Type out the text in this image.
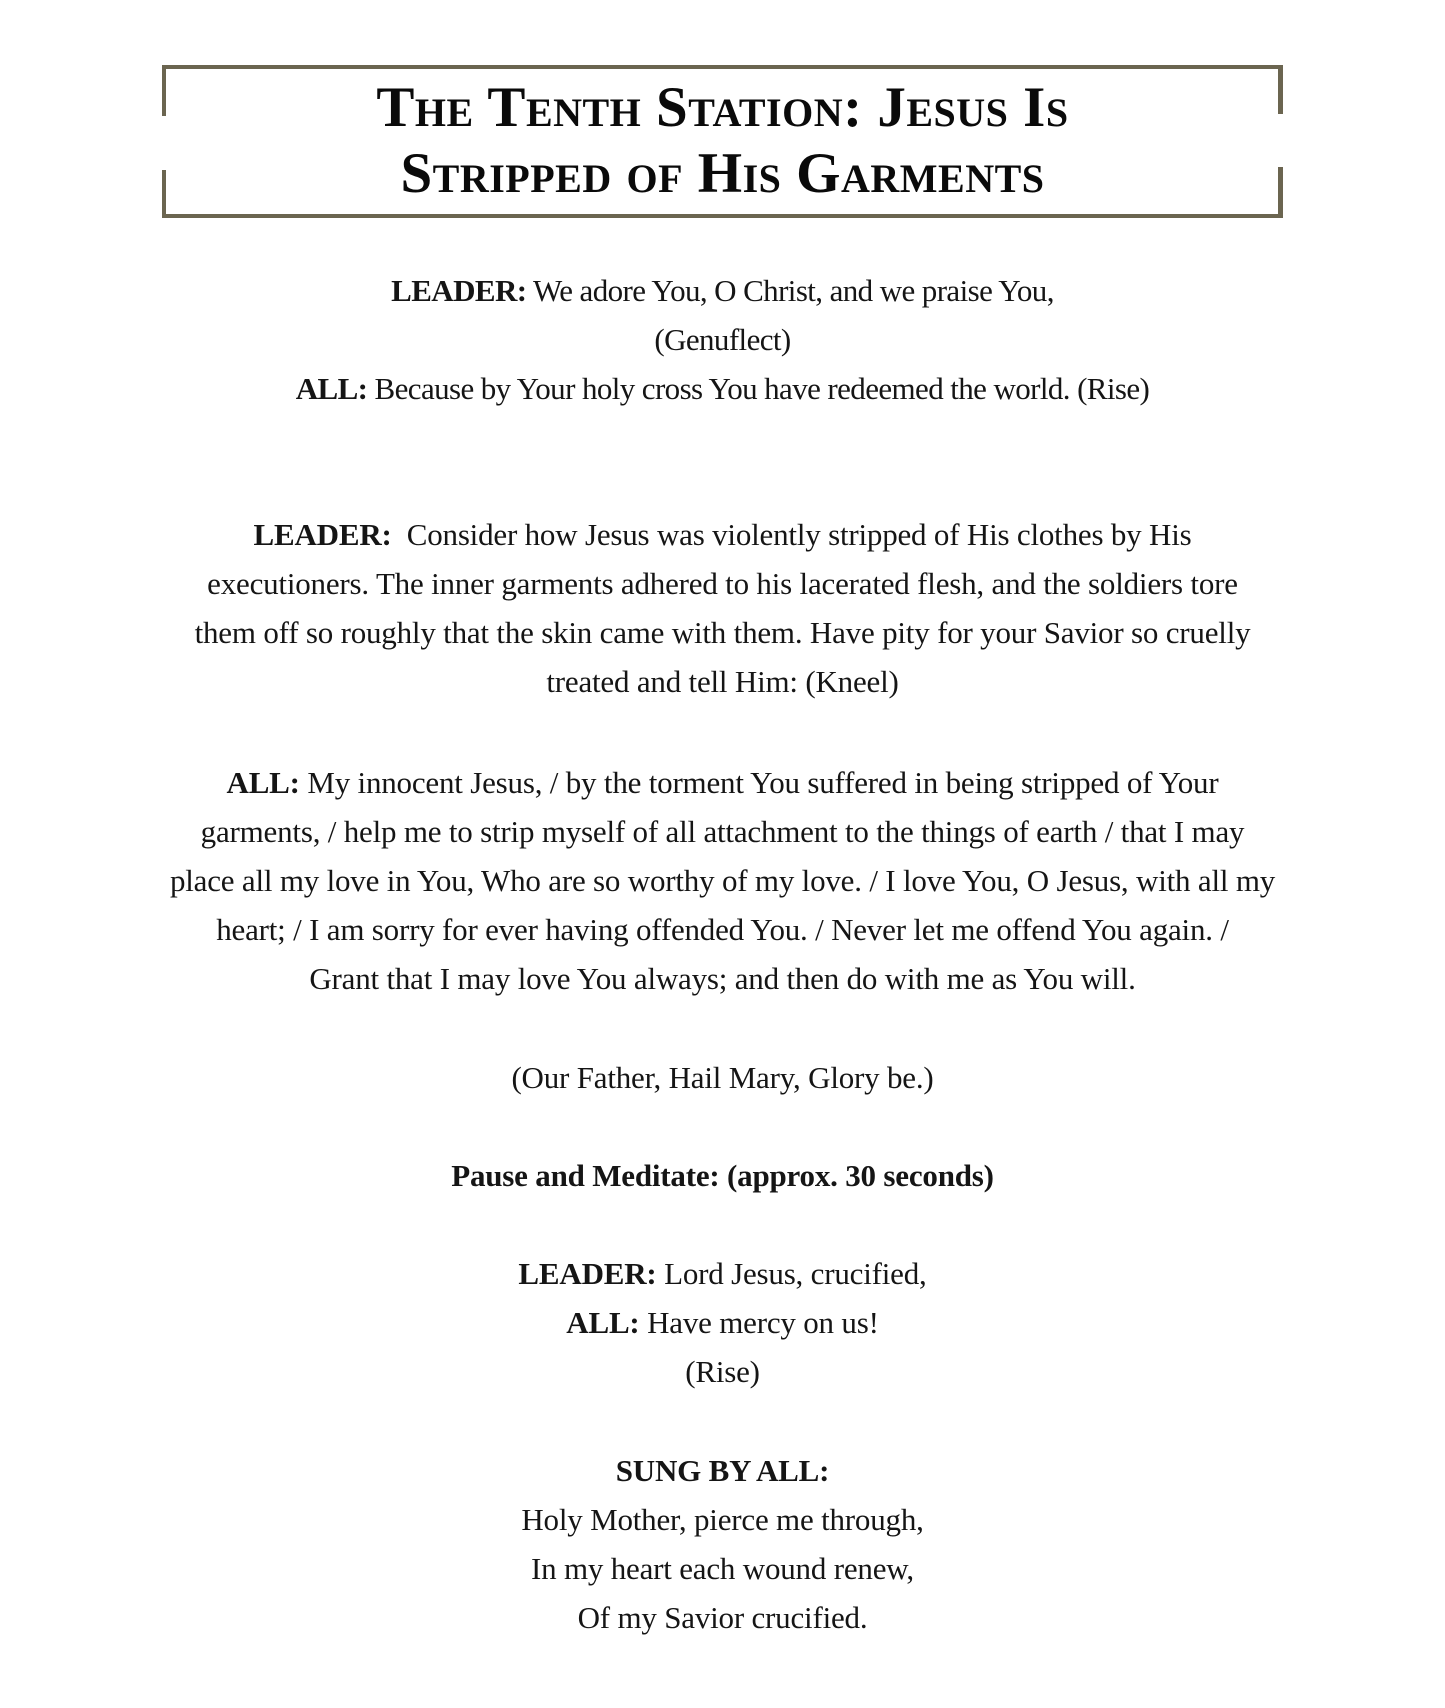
The Tenth Station: Jesus Is
Stripped of His Garments

LEADER: We adore You, O Christ, and we praise You,

(Genuflect)

ALL: Because by Your holy cross You have redeemed the world. (Rise)

LEADER:  Consider how Jesus was violently stripped of His clothes by His

executioners. The inner garments adhered to his lacerated flesh, and the soldiers tore

them off so roughly that the skin came with them. Have pity for your Savior so cruelly

treated and tell Him: (Kneel)

ALL: My innocent Jesus, / by the torment You suffered in being stripped of Your

garments, / help me to strip myself of all attachment to the things of earth / that I may

place all my love in You, Who are so worthy of my love. / I love You, O Jesus, with all my

heart; / I am sorry for ever having offended You. / Never let me offend You again. /

Grant that I may love You always; and then do with me as You will.

(Our Father, Hail Mary, Glory be.)

Pause and Meditate: (approx. 30 seconds)

LEADER: Lord Jesus, crucified,

ALL: Have mercy on us!

(Rise)

SUNG BY ALL:

Holy Mother, pierce me through,

In my heart each wound renew,

Of my Savior crucified.
